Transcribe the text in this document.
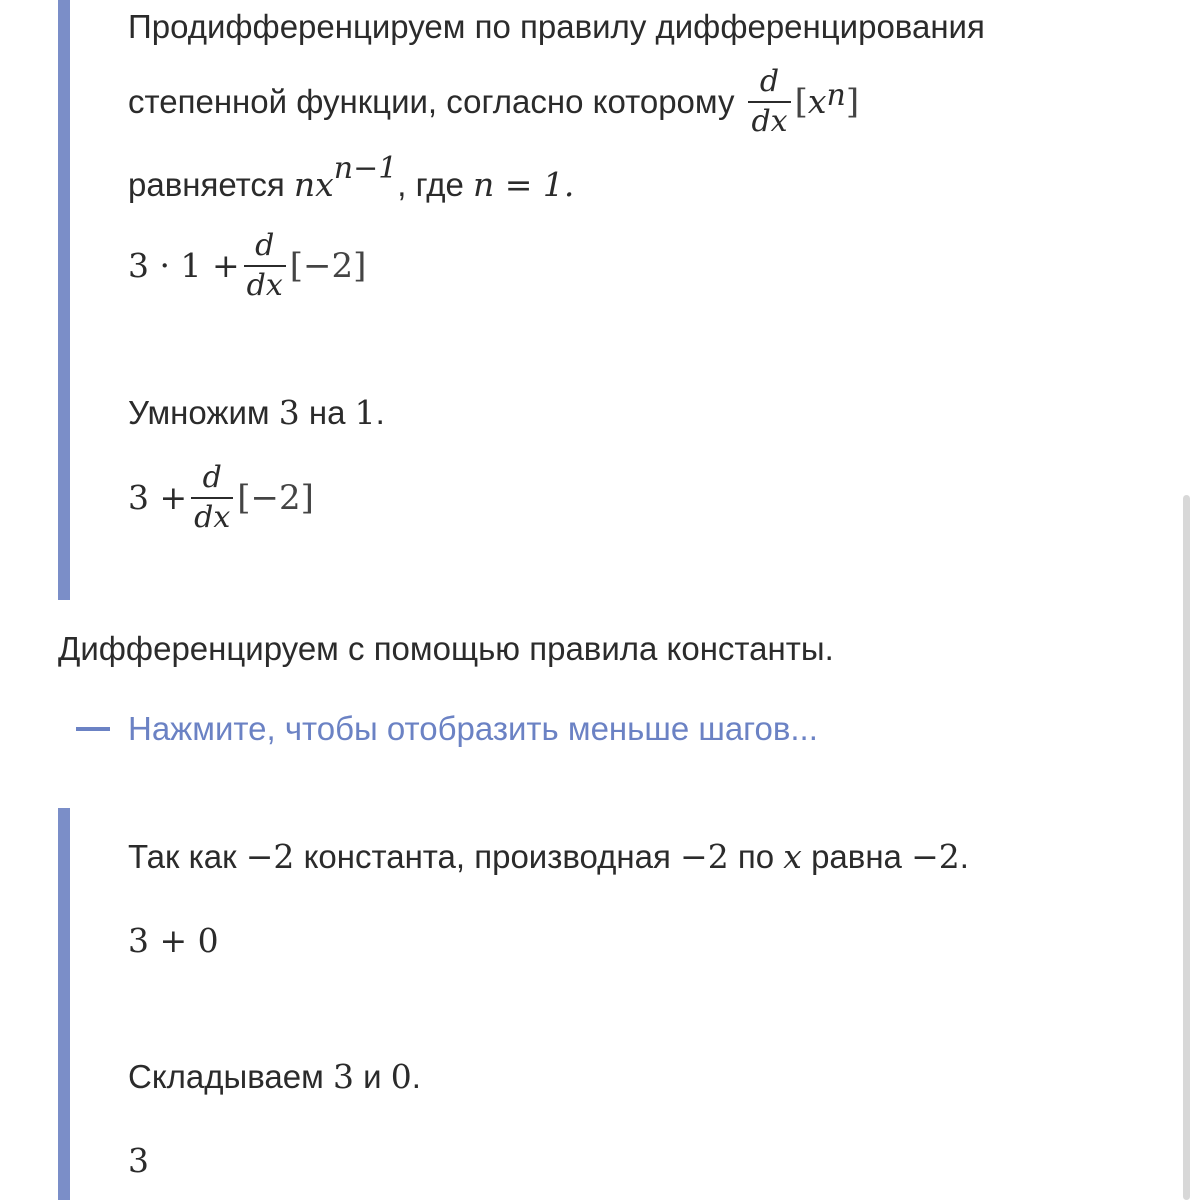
Продифференцируем по правилу дифференцирования
степенной функции, согласно которому $\frac{d}{dx}$ [ $x^n$ ]
равняется $nx^{n-1}$, где n = 1.
$3 \cdot 1 + \frac{d}{dx} [-2]$
Умножим 3 на 1.
$3 + \frac{d}{dx} [-2]$
Дифференцируем с помощью правила констант​ы.
Нажмите, чтобы отобразить меньше шагов...
Так как −2 константа, производная −2 по x равна −2.
3 + 0
Складываем 3 и 0.
3
